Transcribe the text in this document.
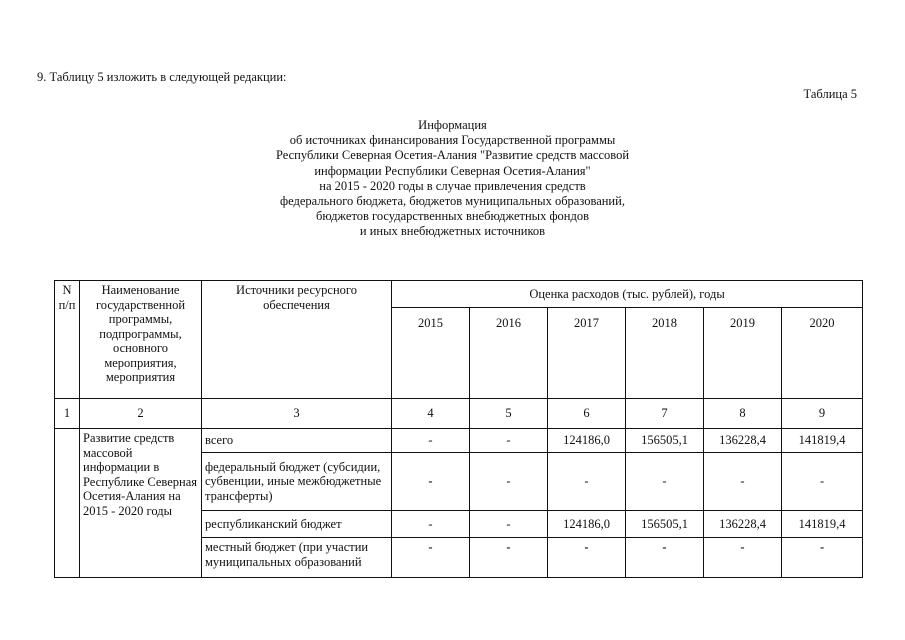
9. Таблицу 5 изложить в следующей редакции:
Таблица 5
Информация
об источниках финансирования Государственной программы
Республики Северная Осетия-Алания "Развитие средств массовой
информации Республики Северная Осетия-Алания"
на 2015 - 2020 годы в случае привлечения средств
федерального бюджета, бюджетов муниципальных образований,
бюджетов государственных внебюджетных фондов
и иных внебюджетных источников
N п/п	Наименование государственной программы, подпрограммы, основного мероприятия, мероприятия	Источники ресурсного обеспечения	Оценка расходов (тыс. рублей), годы					
			2015	2016	2017	2018	2019	2020
1	2	3	4	5	6	7	8	9
	Развитие средств массовой информации в Республике Северная Осетия-Алания на 2015 - 2020 годы	всего	-	-	124186,0	156505,1	136228,4	141819,4
		федеральный бюджет (субсидии, субвенции, иные межбюджетные трансферты)	-	-	-	-	-	-
		республиканский бюджет	-	-	124186,0	156505,1	136228,4	141819,4
		местный бюджет (при участии муниципальных образований	-	-	-	-	-	-
